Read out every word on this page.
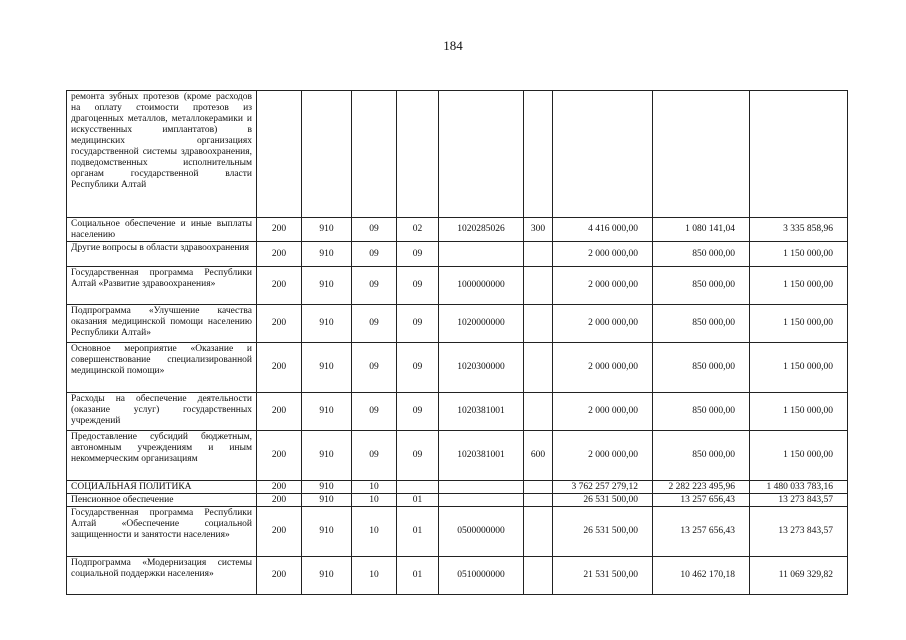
184
ремонта зубных протезов (кроме расходов на оплату стоимости протезов из драгоценных металлов, металлокерамики и искусственных имплантатов) в медицинских организациях государственной системы здравоохранения, подведомственных исполнительным органам государственной власти Республики Алтай									
Социальное обеспечение и иные выплаты населению	200	910	09	02	1020285026	300	4 416 000,00	1 080 141,04	3 335 858,96
Другие вопросы в области здравоохранения	200	910	09	09			2 000 000,00	850 000,00	1 150 000,00
Государственная программа Республики Алтай «Развитие здравоохранения»	200	910	09	09	1000000000		2 000 000,00	850 000,00	1 150 000,00
Подпрограмма «Улучшение качества оказания медицинской помощи населению Республики Алтай»	200	910	09	09	1020000000		2 000 000,00	850 000,00	1 150 000,00
Основное мероприятие «Оказание и совершенствование специализированной медицинской помощи»	200	910	09	09	1020300000		2 000 000,00	850 000,00	1 150 000,00
Расходы на обеспечение деятельности (оказание услуг) государственных учреждений	200	910	09	09	1020381001		2 000 000,00	850 000,00	1 150 000,00
Предоставление субсидий бюджетным, автономным учреждениям и иным некоммерческим организациям	200	910	09	09	1020381001	600	2 000 000,00	850 000,00	1 150 000,00
СОЦИАЛЬНАЯ ПОЛИТИКА	200	910	10				3 762 257 279,12	2 282 223 495,96	1 480 033 783,16
Пенсионное обеспечение	200	910	10	01			26 531 500,00	13 257 656,43	13 273 843,57
Государственная программа Республики Алтай «Обеспечение социальной защищенности и занятости населения»	200	910	10	01	0500000000		26 531 500,00	13 257 656,43	13 273 843,57
Подпрограмма «Модернизация системы социальной поддержки населения»	200	910	10	01	0510000000		21 531 500,00	10 462 170,18	11 069 329,82
